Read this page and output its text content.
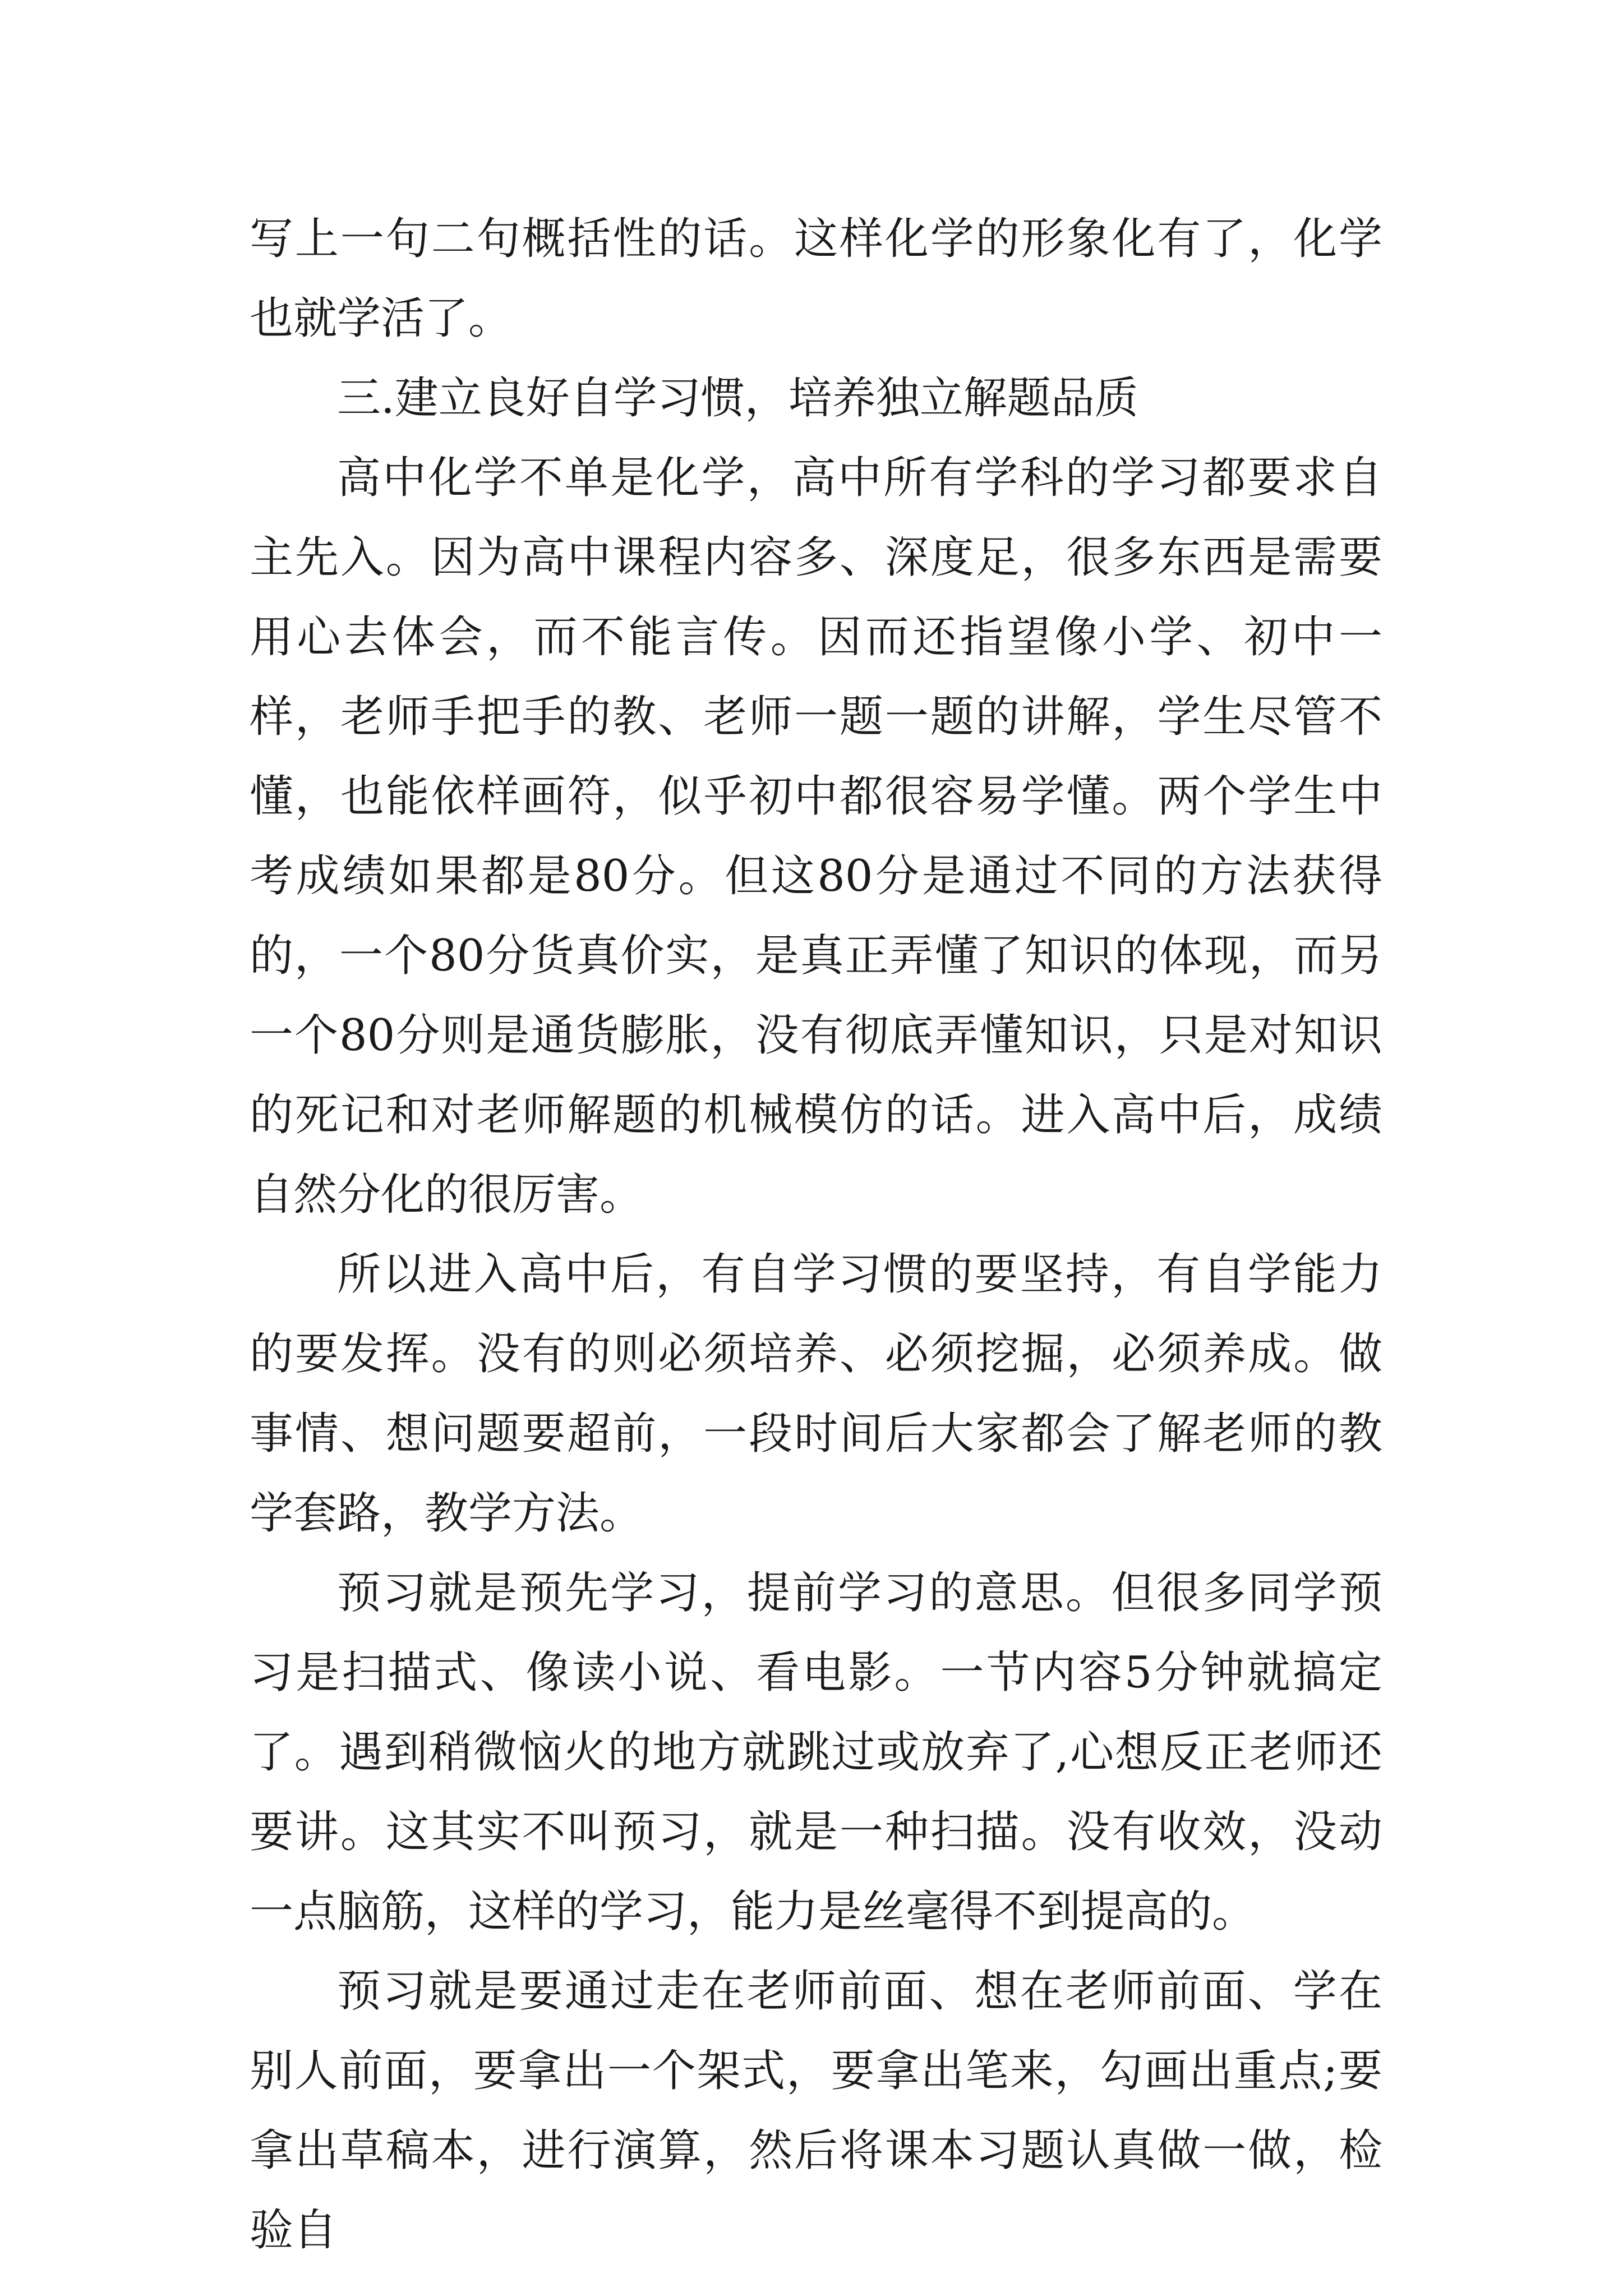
写上一句二句概括性的话。这样化学的形象化有了，化学也就学活了。

三.建立良好自学习惯，培养独立解题品质

高中化学不单是化学，高中所有学科的学习都要求自主先入。因为高中课程内容多、深度足，很多东西是需要用心去体会，而不能言传。因而还指望像小学、初中一样，老师手把手的教、老师一题一题的讲解，学生尽管不懂，也能依样画符，似乎初中都很容易学懂。两个学生中考成绩如果都是80分。但这80分是通过不同的方法获得的，一个80分货真价实，是真正弄懂了知识的体现，而另一个80分则是通货膨胀，没有彻底弄懂知识，只是对知识的死记和对老师解题的机械模仿的话。进入高中后，成绩自然分化的很厉害。

所以进入高中后，有自学习惯的要坚持，有自学能力的要发挥。没有的则必须培养、必须挖掘，必须养成。做事情、想问题要超前，一段时间后大家都会了解老师的教学套路，教学方法。

预习就是预先学习，提前学习的意思。但很多同学预习是扫描式、像读小说、看电影。一节内容5分钟就搞定了。遇到稍微恼火的地方就跳过或放弃了,心想反正老师还要讲。这其实不叫预习，就是一种扫描。没有收效，没动一点脑筋，这样的学习，能力是丝毫得不到提高的。

预习就是要通过走在老师前面、想在老师前面、学在别人前面，要拿出一个架式，要拿出笔来，勾画出重点;要拿出草稿本，进行演算，然后将课本习题认真做一做，检验自
